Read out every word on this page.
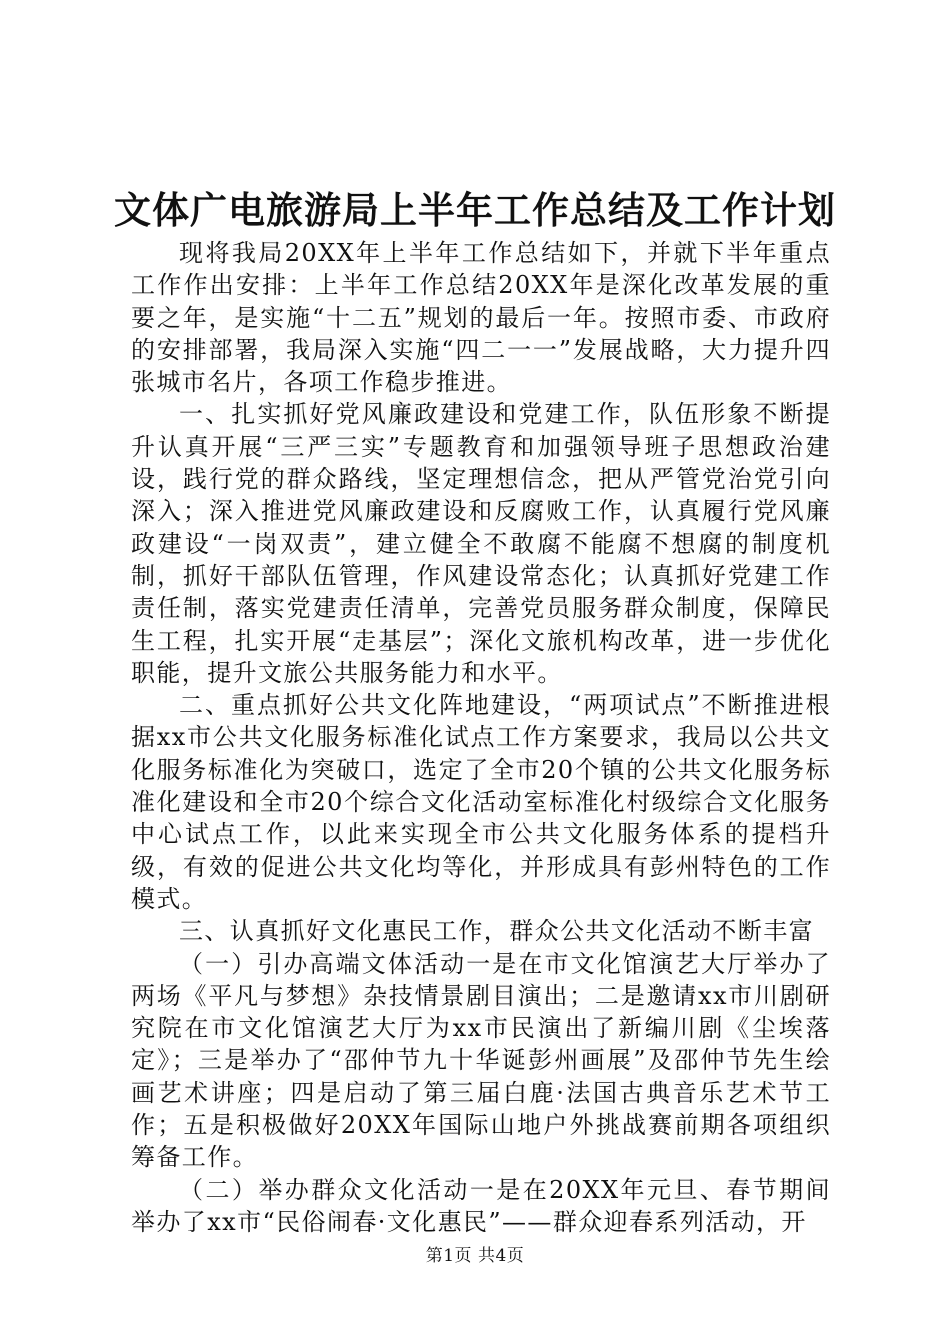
文体广电旅游局上半年工作总结及工作计划

现将我局20XX年上半年工作总结如下，并就下半年重点工作作出安排：上半年工作总结20XX年是深化改革发展的重要之年，是实施“十二五”规划的最后一年。按照市委、市政府的安排部署，我局深入实施“四二一一”发展战略，大力提升四张城市名片，各项工作稳步推进。

一、扎实抓好党风廉政建设和党建工作，队伍形象不断提升认真开展“三严三实”专题教育和加强领导班子思想政治建设，践行党的群众路线，坚定理想信念，把从严管党治党引向深入；深入推进党风廉政建设和反腐败工作，认真履行党风廉政建设“一岗双责”，建立健全不敢腐不能腐不想腐的制度机制，抓好干部队伍管理，作风建设常态化；认真抓好党建工作责任制，落实党建责任清单，完善党员服务群众制度，保障民生工程，扎实开展“走基层”；深化文旅机构改革，进一步优化职能，提升文旅公共服务能力和水平。

二、重点抓好公共文化阵地建设，“两项试点”不断推进根据xx市公共文化服务标准化试点工作方案要求，我局以公共文化服务标准化为突破口，选定了全市20个镇的公共文化服务标准化建设和全市20个综合文化活动室标准化村级综合文化服务中心试点工作，以此来实现全市公共文化服务体系的提档升级，有效的促进公共文化均等化，并形成具有彭州特色的工作模式。

三、认真抓好文化惠民工作，群众公共文化活动不断丰富

（一）引办高端文体活动一是在市文化馆演艺大厅举办了两场《平凡与梦想》杂技情景剧目演出；二是邀请xx市川剧研究院在市文化馆演艺大厅为xx市民演出了新编川剧《尘埃落定》；三是举办了“邵仲节九十华诞彭州画展”及邵仲节先生绘画艺术讲座；四是启动了第三届白鹿·法国古典音乐艺术节工作；五是积极做好20XX年国际山地户外挑战赛前期各项组织筹备工作。

（二）举办群众文化活动一是在20XX年元旦、春节期间举办了xx市“民俗闹春·文化惠民”——群众迎春系列活动，开

第1页 共4页
